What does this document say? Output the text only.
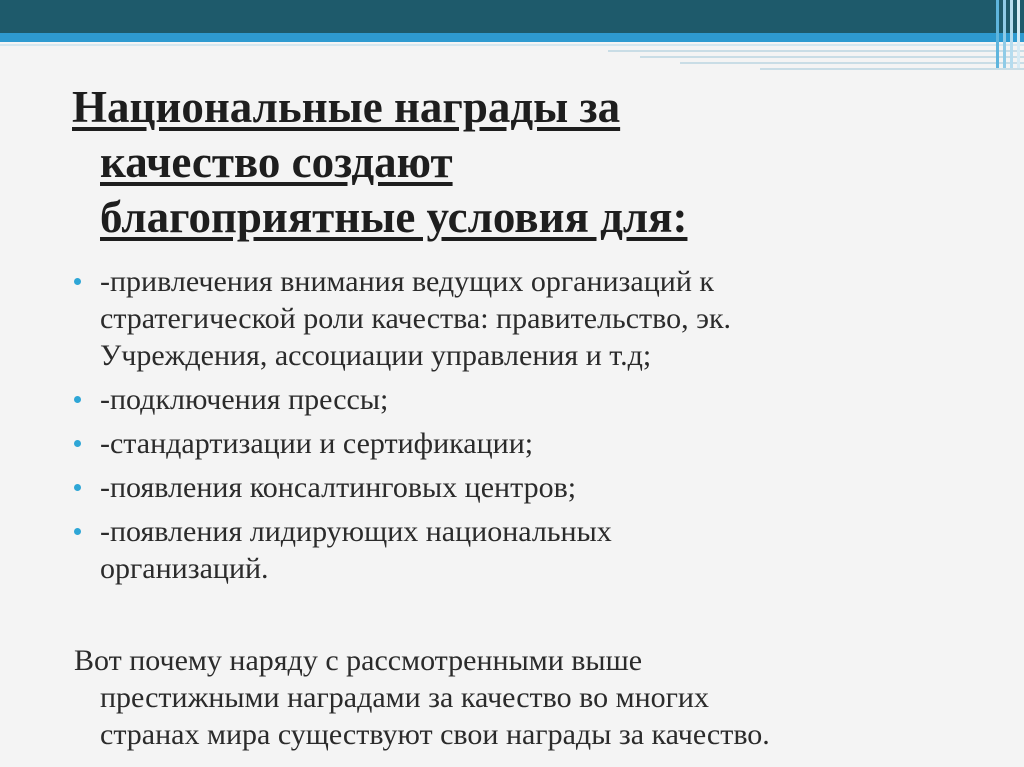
Национальные награды за
качество создают
благоприятные условия для:
-привлечения внимания ведущих организаций к
стратегической роли качества: правительство, эк.
Учреждения, ассоциации управления и т.д;
-подключения прессы;
-стандартизации и сертификации;
-появления консалтинговых центров;
-появления лидирующих национальных
организаций.

Вот почему наряду с рассмотренными выше
престижными наградами за качество во многих
странах мира существуют свои награды за качество.
